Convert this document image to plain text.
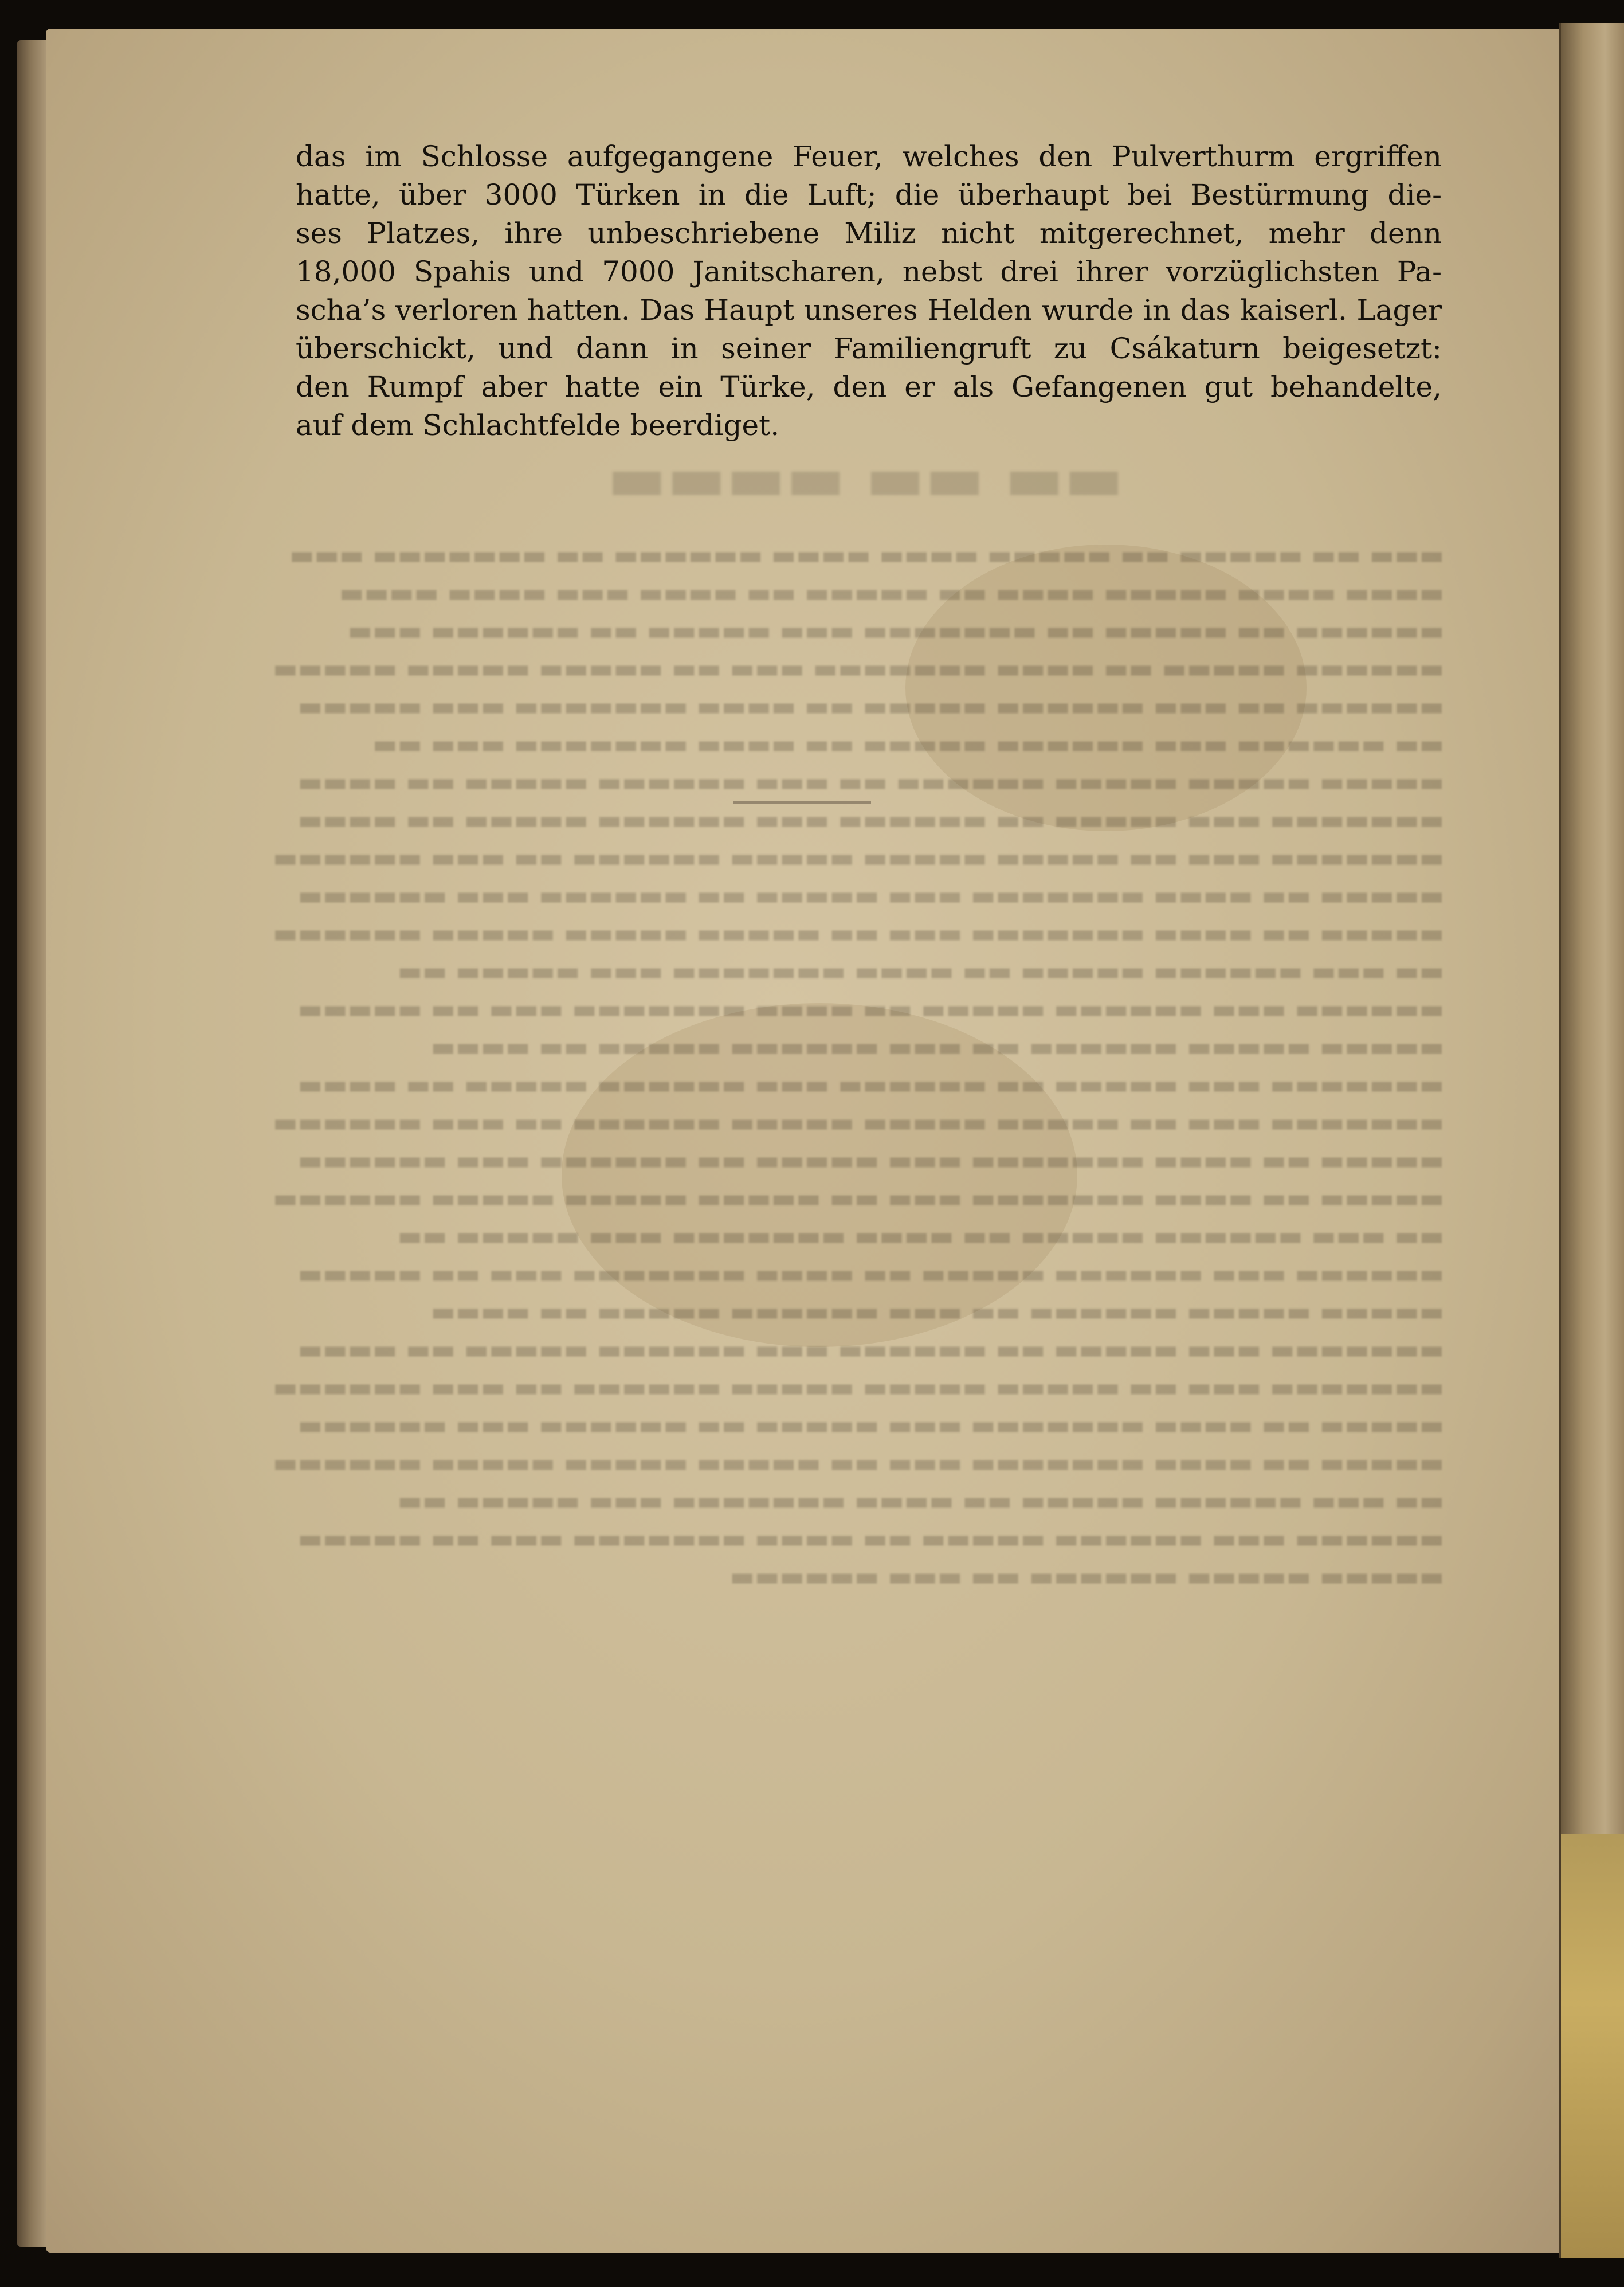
▬▬ ▬▬ ▬▬▬▬
▬▬▬ ▬▬ ▬▬▬▬▬ ▬▬ ▬▬▬▬▬ ▬▬▬▬ ▬▬▬▬ ▬▬▬▬▬▬ ▬▬ ▬▬▬▬▬▬▬ ▬▬▬ ▬▬▬▬ ▬▬▬▬ ▬▬▬▬▬ ▬▬▬▬ ▬▬ ▬▬▬▬▬ ▬▬ ▬▬▬▬ ▬▬▬ ▬▬▬▬ ▬▬▬▬ ▬▬▬▬▬▬ ▬▬ ▬▬▬▬▬ ▬▬ ▬▬▬▬▬▬▬ ▬▬▬ ▬▬▬▬▬ ▬▬ ▬▬▬▬▬▬ ▬▬▬ ▬▬▬▬▬▬ ▬▬▬▬▬ ▬▬ ▬▬▬▬ ▬▬▬▬▬▬▬ ▬▬▬ ▬▬ ▬▬▬▬▬ ▬▬▬▬▬ ▬▬▬▬▬ ▬▬▬▬▬▬ ▬▬ ▬▬▬ ▬▬▬▬▬▬ ▬▬▬▬▬ ▬▬ ▬▬▬▬ ▬▬▬▬▬▬▬ ▬▬▬ ▬▬▬▬▬ ▬▬ ▬▬▬▬▬▬ ▬▬▬ ▬▬▬▬▬▬ ▬▬▬▬▬ ▬▬ ▬▬▬▬ ▬▬▬▬▬▬▬ ▬▬▬ ▬▬ ▬▬▬▬▬ ▬▬▬▬▬ ▬▬▬▬▬ ▬▬▬▬▬▬ ▬▬ ▬▬▬ ▬▬▬▬▬▬ ▬▬▬▬▬ ▬▬ ▬▬▬▬ ▬▬▬▬▬▬▬ ▬▬▬ ▬▬▬▬▬ ▬▬ ▬▬▬▬▬▬ ▬▬▬ ▬▬▬▬▬▬ ▬▬▬▬▬ ▬▬ ▬▬▬▬ ▬▬▬▬▬▬▬ ▬▬▬ ▬▬ ▬▬▬▬▬ ▬▬▬▬▬ ▬▬▬▬▬ ▬▬▬▬▬▬ ▬▬ ▬▬▬ ▬▬▬▬▬▬ ▬▬▬▬▬ ▬▬ ▬▬▬▬ ▬▬▬▬▬▬▬ ▬▬▬ ▬▬▬▬▬ ▬▬ ▬▬▬▬▬▬ ▬▬▬ ▬▬▬▬▬▬ ▬▬▬▬▬ ▬▬ ▬▬▬▬ ▬▬▬▬▬▬▬ ▬▬▬ ▬▬ ▬▬▬▬▬ ▬▬▬▬▬ ▬▬▬▬▬ ▬▬▬▬▬▬ ▬▬ ▬▬▬ ▬▬▬▬▬▬ ▬▬▬▬▬ ▬▬ ▬▬▬▬ ▬▬▬▬▬▬▬ ▬▬▬ ▬▬▬▬▬ ▬▬ ▬▬▬▬▬▬ ▬▬▬ ▬▬▬▬▬▬ ▬▬▬▬▬ ▬▬ ▬▬▬▬ ▬▬▬▬▬▬▬ ▬▬▬ ▬▬ ▬▬▬▬▬ ▬▬▬▬▬ ▬▬▬▬▬ ▬▬▬▬▬▬ ▬▬ ▬▬▬ ▬▬▬▬▬▬ ▬▬▬▬▬ ▬▬ ▬▬▬▬ ▬▬▬▬▬▬▬ ▬▬▬ ▬▬▬▬▬ ▬▬ ▬▬▬▬▬▬ ▬▬▬ ▬▬▬▬▬▬ ▬▬▬▬▬ ▬▬ ▬▬▬▬ ▬▬▬▬▬▬▬ ▬▬▬ ▬▬ ▬▬▬▬▬ ▬▬▬▬▬ ▬▬▬▬▬ ▬▬▬▬▬▬ ▬▬ ▬▬▬ ▬▬▬▬▬▬ ▬▬▬▬▬ ▬▬ ▬▬▬▬ ▬▬▬▬▬▬▬ ▬▬▬ ▬▬▬▬▬ ▬▬ ▬▬▬▬▬▬ ▬▬▬ ▬▬▬▬▬▬ ▬▬▬▬▬ ▬▬ ▬▬▬▬ ▬▬▬▬▬▬▬ ▬▬▬ ▬▬ ▬▬▬▬▬ ▬▬▬▬▬ ▬▬▬▬▬ ▬▬▬▬▬▬ ▬▬ ▬▬▬ ▬▬▬▬▬▬ ▬▬▬▬▬ ▬▬ ▬▬▬▬ ▬▬▬▬▬▬▬ ▬▬▬ ▬▬▬▬▬ ▬▬ ▬▬▬▬▬▬ ▬▬▬ ▬▬▬▬▬▬ ▬▬▬▬▬ ▬▬ ▬▬▬▬ ▬▬▬▬▬▬▬ ▬▬▬ ▬▬ ▬▬▬▬▬ ▬▬▬▬▬ ▬▬▬▬▬ ▬▬▬▬▬▬ ▬▬ ▬▬▬ ▬▬▬▬▬▬ ▬▬▬▬▬ ▬▬ ▬▬▬▬ ▬▬▬▬▬▬▬ ▬▬▬ ▬▬▬▬▬ ▬▬ ▬▬▬▬▬▬ ▬▬▬ ▬▬▬▬▬▬ ▬▬▬▬▬ ▬▬ ▬▬▬▬ ▬▬▬▬▬▬▬ ▬▬▬ ▬▬ ▬▬▬▬▬ ▬▬▬▬▬ ▬▬▬▬▬ ▬▬▬▬▬▬ ▬▬ ▬▬▬ ▬▬▬▬▬▬ ▬▬▬▬▬ ▬▬ ▬▬▬▬ ▬▬▬▬▬▬▬ ▬▬▬ ▬▬▬▬▬ ▬▬ ▬▬▬▬▬▬ ▬▬▬ ▬▬▬▬▬▬ ▬▬▬▬▬ ▬▬ ▬▬▬▬ ▬▬▬▬▬▬▬ ▬▬▬ ▬▬ ▬▬▬▬▬ ▬▬▬▬▬ ▬▬▬▬▬ ▬▬▬▬▬▬ ▬▬ ▬▬▬ ▬▬▬▬▬▬ ▬▬▬▬▬ ▬▬ ▬▬▬▬ ▬▬▬▬▬▬▬ ▬▬▬ ▬▬▬▬▬ ▬▬ ▬▬▬▬▬▬ ▬▬▬ ▬▬▬▬▬▬ ▬▬▬▬▬ ▬▬ ▬▬▬▬ ▬▬▬▬▬▬▬ ▬▬▬ ▬▬ ▬▬▬▬▬ ▬▬▬▬▬ ▬▬▬▬▬ ▬▬▬▬▬▬ ▬▬ ▬▬▬ ▬▬▬▬▬▬
das im Schlosse aufgegangene Feuer, welches den Pulverthurm ergriffen
hatte, über 3000 Türken in die Luft; die überhaupt bei Bestürmung die-
ses Platzes, ihre unbeschriebene Miliz nicht mitgerechnet, mehr denn
18,000 Spahis und 7000 Janitscharen, nebst drei ihrer vorzüglichsten Pa-
scha’s verloren hatten. Das Haupt unseres Helden wurde in das kaiserl. Lager
überschickt, und dann in seiner Familiengruft zu Csákaturn beigesetzt:
den Rumpf aber hatte ein Türke, den er als Gefangenen gut behandelte,
auf dem Schlachtfelde beerdiget.
